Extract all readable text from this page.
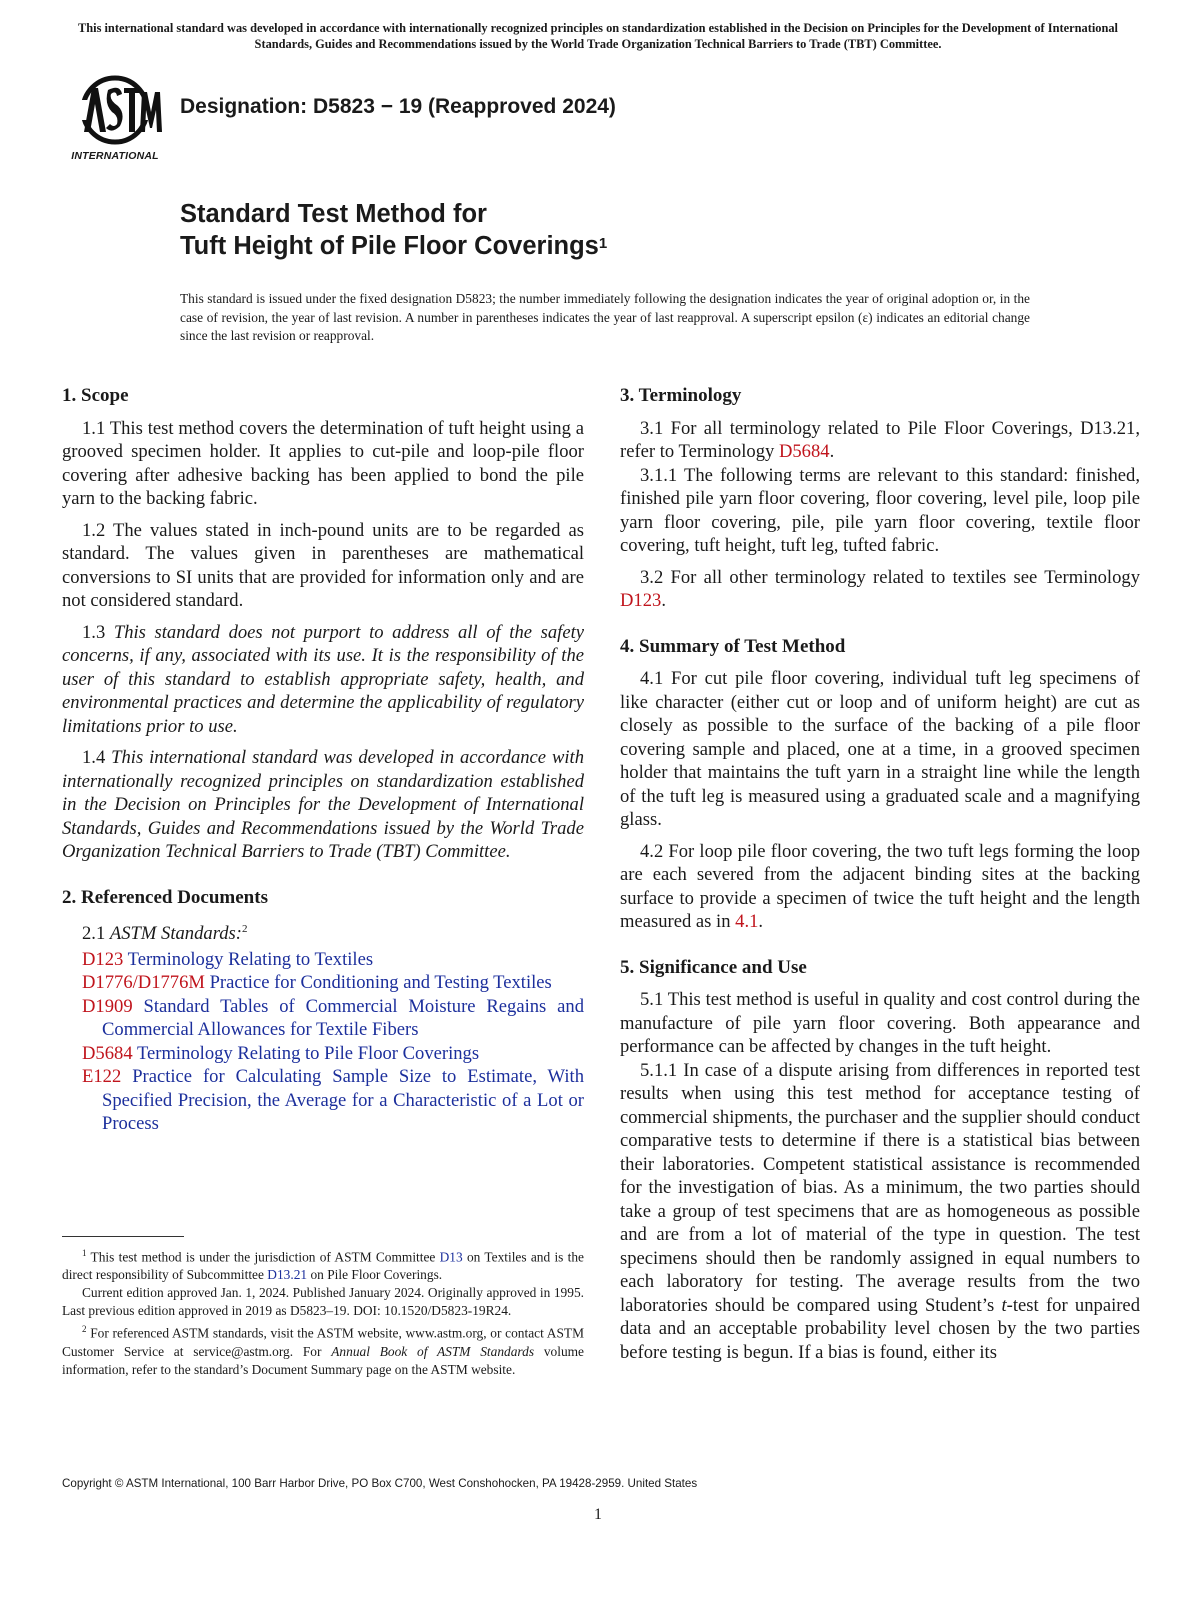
This international standard was developed in accordance with internationally recognized principles on standardization established in the Decision on Principles for the Development of International Standards, Guides and Recommendations issued by the World Trade Organization Technical Barriers to Trade (TBT) Committee.
INTERNATIONAL
Designation: D5823 − 19 (Reapproved 2024)
Standard Test Method for
Tuft Height of Pile Floor Coverings$^1$
This standard is issued under the fixed designation D5823; the number immediately following the designation indicates the year of original adoption or, in the case of revision, the year of last revision. A number in parentheses indicates the year of last reapproval. A superscript epsilon (ε) indicates an editorial change since the last revision or reapproval.
1. Scope

1.1 This test method covers the determination of tuft height using a grooved specimen holder. It applies to cut-pile and loop-pile floor covering after adhesive backing has been applied to bond the pile yarn to the backing fabric.

1.2 The values stated in inch-pound units are to be regarded as standard. The values given in parentheses are mathematical conversions to SI units that are provided for information only and are not considered standard.

1.3 This standard does not purport to address all of the safety concerns, if any, associated with its use. It is the responsibility of the user of this standard to establish appropriate safety, health, and environmental practices and determine the applicability of regulatory limitations prior to use.

1.4 This international standard was developed in accordance with internationally recognized principles on standardization established in the Decision on Principles for the Development of International Standards, Guides and Recommendations issued by the World Trade Organization Technical Barriers to Trade (TBT) Committee.

2. Referenced Documents

2.1 ASTM Standards:$^2$

D123 Terminology Relating to Textiles

D1776/D1776M Practice for Conditioning and Testing Textiles

D1909 Standard Tables of Commercial Moisture Regains and Commercial Allowances for Textile Fibers

D5684 Terminology Relating to Pile Floor Coverings

E122 Practice for Calculating Sample Size to Estimate, With Specified Precision, the Average for a Characteristic of a Lot or Process

$^1$ This test method is under the jurisdiction of ASTM Committee D13 on Textiles and is the direct responsibility of Subcommittee D13.21 on Pile Floor Coverings.

Current edition approved Jan. 1, 2024. Published January 2024. Originally approved in 1995. Last previous edition approved in 2019 as D5823–19. DOI: 10.1520/D5823-19R24.

$^2$ For referenced ASTM standards, visit the ASTM website, www.astm.org, or contact ASTM Customer Service at service@astm.org. For Annual Book of ASTM Standards volume information, refer to the standard’s Document Summary page on the ASTM website.

3. Terminology

3.1 For all terminology related to Pile Floor Coverings, D13.21, refer to Terminology D5684.

3.1.1 The following terms are relevant to this standard: finished, finished pile yarn floor covering, floor covering, level pile, loop pile yarn floor covering, pile, pile yarn floor covering, textile floor covering, tuft height, tuft leg, tufted fabric.

3.2 For all other terminology related to textiles see Terminology D123.

4. Summary of Test Method

4.1 For cut pile floor covering, individual tuft leg specimens of like character (either cut or loop and of uniform height) are cut as closely as possible to the surface of the backing of a pile floor covering sample and placed, one at a time, in a grooved specimen holder that maintains the tuft yarn in a straight line while the length of the tuft leg is measured using a graduated scale and a magnifying glass.

4.2 For loop pile floor covering, the two tuft legs forming the loop are each severed from the adjacent binding sites at the backing surface to provide a specimen of twice the tuft height and the length measured as in 4.1.

5. Significance and Use

5.1 This test method is useful in quality and cost control during the manufacture of pile yarn floor covering. Both appearance and performance can be affected by changes in the tuft height.

5.1.1 In case of a dispute arising from differences in reported test results when using this test method for acceptance testing of commercial shipments, the purchaser and the supplier should conduct comparative tests to determine if there is a statistical bias between their laboratories. Competent statistical assistance is recommended for the investigation of bias. As a minimum, the two parties should take a group of test specimens that are as homogeneous as possible and are from a lot of material of the type in question. The test specimens should then be randomly assigned in equal numbers to each laboratory for testing. The average results from the two laboratories should be compared using Student’s t-test for unpaired data and an acceptable probability level chosen by the two parties before testing is begun. If a bias is found, either its

Copyright © ASTM International, 100 Barr Harbor Drive, PO Box C700, West Conshohocken, PA 19428-2959. United States
1
